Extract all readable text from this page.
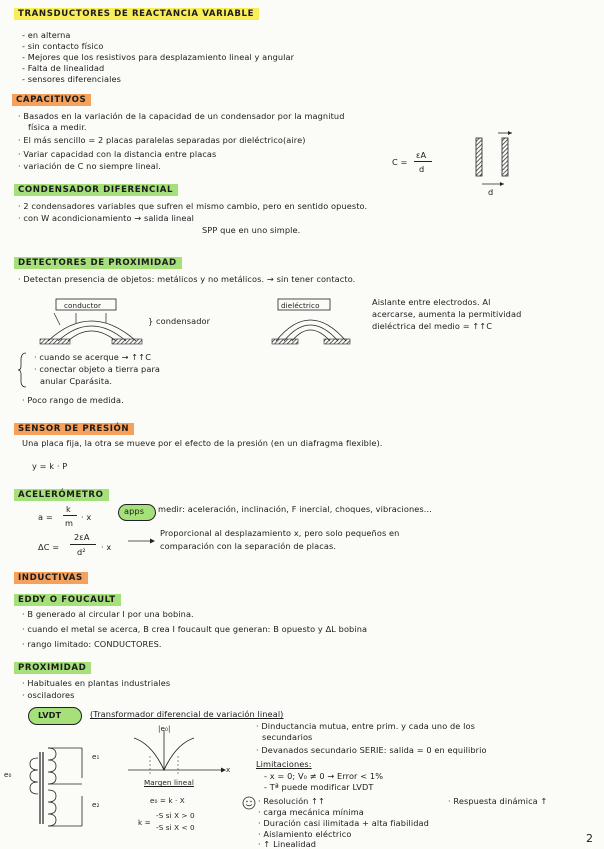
TRANSDUCTORES DE REACTANCIA VARIABLE
- en alterna
- sin contacto físico
- Mejores que los resistivos para desplazamiento lineal y angular
- Falta de linealidad
- sensores diferenciales
CAPACITIVOS
· Basados en la variación de la capacidad de un condensador por la magnitud
física a medir.
· El más sencillo = 2 placas paralelas separadas por dieléctrico(aire)
· Variar capacidad con la distancia entre placas
· variación de C no siempre lineal.	C =
εA
d
d
CONDENSADOR DIFERENCIAL
· 2 condensadores variables que sufren el mismo cambio, pero en sentido opuesto.
· con W acondicionamiento → salida lineal
SPP que en uno simple.
DETECTORES DE PROXIMIDAD
· Detectan presencia de objetos: metálicos y no metálicos. → sin tener contacto.
conductor
} condensador
dieléctrico	Aislante entre electrodos. Al
acercarse, aumenta la permitividad
dieléctrica del medio = ↑↑C
· cuando se acerque → ↑↑C
· conectar objeto a tierra para
anular Cparásita.
· Poco rango de medida.
SENSOR DE PRESIÓN
Una placa fija, la otra se mueve por el efecto de la presión (en un diafragma flexible).
y = k · P
ACELERÓMETRO
a =
k
m
· x
apps medir: aceleración, inclinación, F inercial, choques, vibraciones...
ΔC =
2εA
d² · x
Proporcional al desplazamiento x, pero solo pequeños en
comparación con la separación de placas.
INDUCTIVAS
EDDY O FOUCAULT
· B generado al circular I por una bobina.
· cuando el metal se acerca, B crea I foucault que generan: B opuesto y ΔL bobina
· rango limitado: CONDUCTORES.
PROXIMIDAD
· Habituales en plantas industriales
· osciladores
LVDT	(Transformador diferencial de variación lineal)
e₀
e₁
e₂
|e₀|
x
Margen lineal
e₀ = k · X
k =
-S si X > 0
-S si X < 0
· Dinductancia mutua, entre prim. y cada uno de los
secundarios
· Devanados secundario SERIE: salida = 0 en equilibrio
Limitaciones:
- x = 0; V₀ ≠ 0 → Error < 1%
- Tª puede modificar LVDT
· Resolución ↑↑
· carga mecánica mínima
· Duración casi ilimitada + alta fiabilidad
· Aislamiento eléctrico
· ↑ Linealidad
· Respuesta dinámica ↑
2
